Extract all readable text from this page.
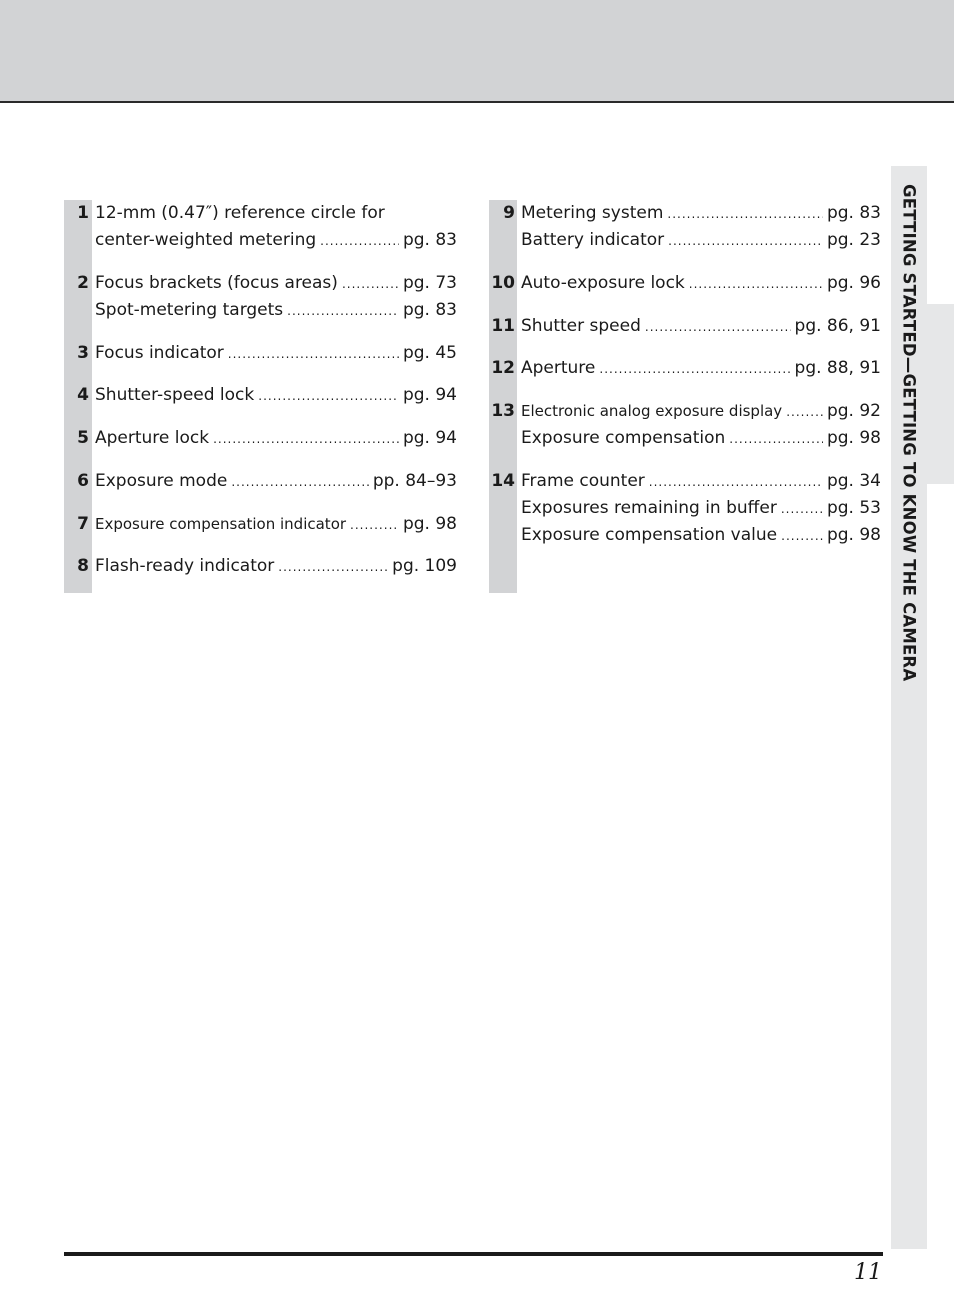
GETTING STARTED—GETTING TO KNOW THE CAMERA
1 12-mm (0.47″) reference circle for
center-weighted metering .....	pg. 83
2 Focus brackets (focus areas) .....	pg. 73
Spot-metering targets .....	pg. 83
3 Focus indicator .....	pg. 45
4 Shutter-speed lock .....	pg. 94
5 Aperture lock .....	pg. 94
6 Exposure mode .....	pp. 84–93
7 Exposure compensation indicator .....	pg. 98
8 Flash-ready indicator .....	pg. 109
9 Metering system .....	pg. 83
Battery indicator .....	pg. 23
10 Auto-exposure lock .....	pg. 96
11 Shutter speed .....	pg. 86, 91
12 Aperture .....	pg. 88, 91
13 Electronic analog exposure display .....	pg. 92
Exposure compensation .....	pg. 98
14 Frame counter .....	pg. 34
Exposures remaining in buffer .....	pg. 53
Exposure compensation value .....	pg. 98
11
